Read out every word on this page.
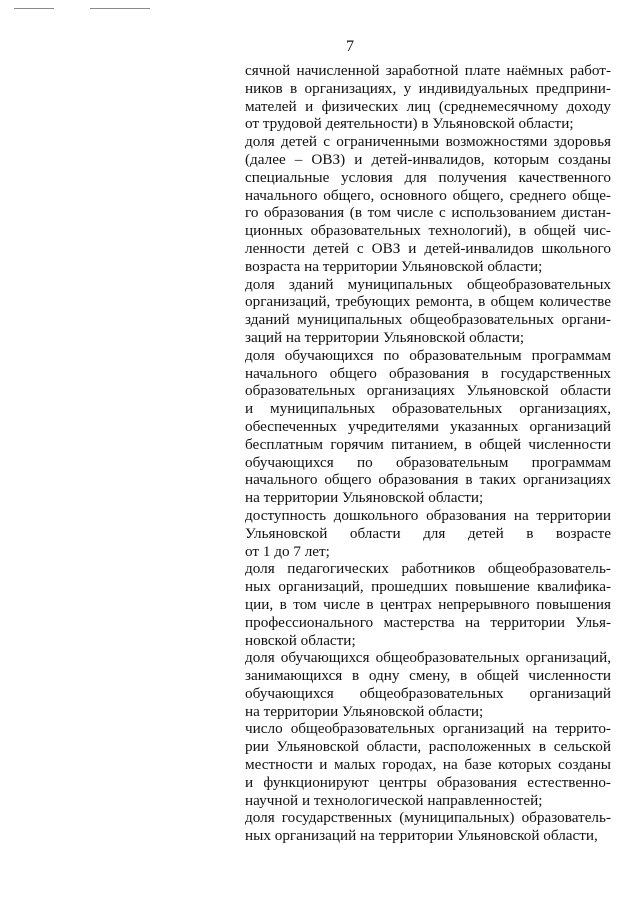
7
сячной начисленной заработной плате наёмных работ-
ников в организациях, у индивидуальных предприни-
мателей и физических лиц (среднемесячному доходу
от трудовой деятельности) в Ульяновской области;
доля детей с ограниченными возможностями здоровья
(далее – ОВЗ) и детей-инвалидов, которым созданы
специальные условия для получения качественного
начального общего, основного общего, среднего обще-
го образования (в том числе с использованием дистан-
ционных образовательных технологий), в общей чис-
ленности детей с ОВЗ и детей-инвалидов школьного
возраста на территории Ульяновской области;
доля зданий муниципальных общеобразовательных
организаций, требующих ремонта, в общем количестве
зданий муниципальных общеобразовательных органи-
заций на территории Ульяновской области;
доля обучающихся по образовательным программам
начального общего образования в государственных
образовательных организациях Ульяновской области
и муниципальных образовательных организациях,
обеспеченных учредителями указанных организаций
бесплатным горячим питанием, в общей численности
обучающихся по образовательным программам
начального общего образования в таких организациях
на территории Ульяновской области;
доступность дошкольного образования на территории
Ульяновской области для детей в возрасте
от 1 до 7 лет;
доля педагогических работников общеобразователь-
ных организаций, прошедших повышение квалифика-
ции, в том числе в центрах непрерывного повышения
профессионального мастерства на территории Улья-
новской области;
доля обучающихся общеобразовательных организаций,
занимающихся в одну смену, в общей численности
обучающихся общеобразовательных организаций
на территории Ульяновской области;
число общеобразовательных организаций на террито-
рии Ульяновской области, расположенных в сельской
местности и малых городах, на базе которых созданы
и функционируют центры образования естественно-
научной и технологической направленностей;
доля государственных (муниципальных) образователь-
ных организаций на территории Ульяновской области,
